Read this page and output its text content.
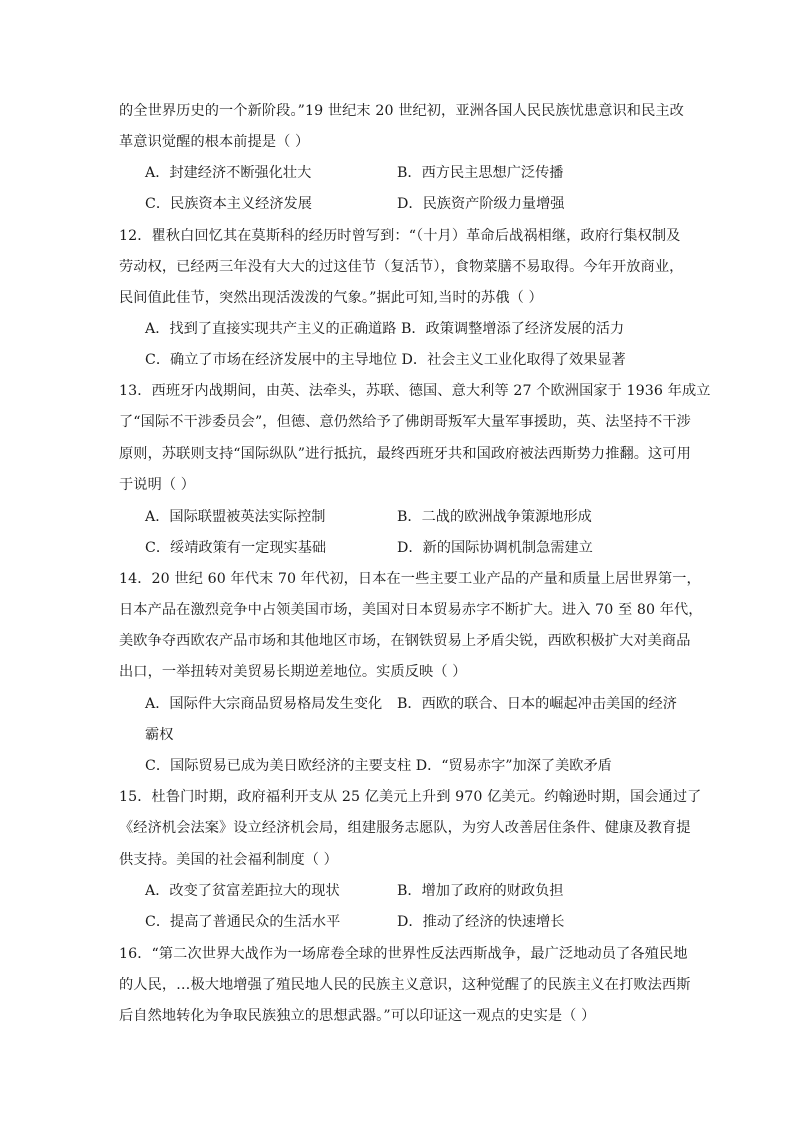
的全世界历史的一个新阶段。”19 世纪末 20 世纪初，亚洲各国人民民族忧患意识和民主改
革意识觉醒的根本前提是（ ）
A．封建经济不断强化壮大	B．西方民主思想广泛传播
C．民族资本主义经济发展	D．民族资产阶级力量增强
12．瞿秋白回忆其在莫斯科的经历时曾写到：“（十月）革命后战祸相继，政府行集权制及
劳动权，已经两三年没有大大的过这佳节（复活节），食物菜膳不易取得。今年开放商业，
民间值此佳节，突然出现活泼泼的气象。”据此可知,当时的苏俄（ ）
A．找到了直接实现共产主义的正确道路 B．政策调整增添了经济发展的活力
C．确立了市场在经济发展中的主导地位 D．社会主义工业化取得了效果显著
13．西班牙内战期间，由英、法牵头，苏联、德国、意大利等 27 个欧洲国家于 1936 年成立
了“国际不干涉委员会”，但德、意仍然给予了佛朗哥叛军大量军事援助，英、法坚持不干涉
原则，苏联则支持“国际纵队”进行抵抗，最终西班牙共和国政府被法西斯势力推翻。这可用
于说明（ ）
A．国际联盟被英法实际控制	B．二战的欧洲战争策源地形成
C．绥靖政策有一定现实基础	D．新的国际协调机制急需建立
14．20 世纪 60 年代末 70 年代初，日本在一些主要工业产品的产量和质量上居世界第一，
日本产品在激烈竞争中占领美国市场，美国对日本贸易赤字不断扩大。进入 70 至 80 年代，
美欧争夺西欧农产品市场和其他地区市场，在钢铁贸易上矛盾尖锐，西欧积极扩大对美商品
出口，一举扭转对美贸易长期逆差地位。实质反映（ ）
A．国际件大宗商品贸易格局发生变化 B．西欧的联合、日本的崛起冲击美国的经济
霸权
C．国际贸易已成为美日欧经济的主要支柱 D．“贸易赤字”加深了美欧矛盾
15．杜鲁门时期，政府福利开支从 25 亿美元上升到 970 亿美元。约翰逊时期，国会通过了
《经济机会法案》设立经济机会局，组建服务志愿队，为穷人改善居住条件、健康及教育提
供支持。美国的社会福利制度（ ）
A．改变了贫富差距拉大的现状	B．增加了政府的财政负担
C．提高了普通民众的生活水平	D．推动了经济的快速增长
16．“第二次世界大战作为一场席卷全球的世界性反法西斯战争，最广泛地动员了各殖民地
的人民，…极大地增强了殖民地人民的民族主义意识，这种觉醒了的民族主义在打败法西斯
后自然地转化为争取民族独立的思想武器。”可以印证这一观点的史实是（ ）
